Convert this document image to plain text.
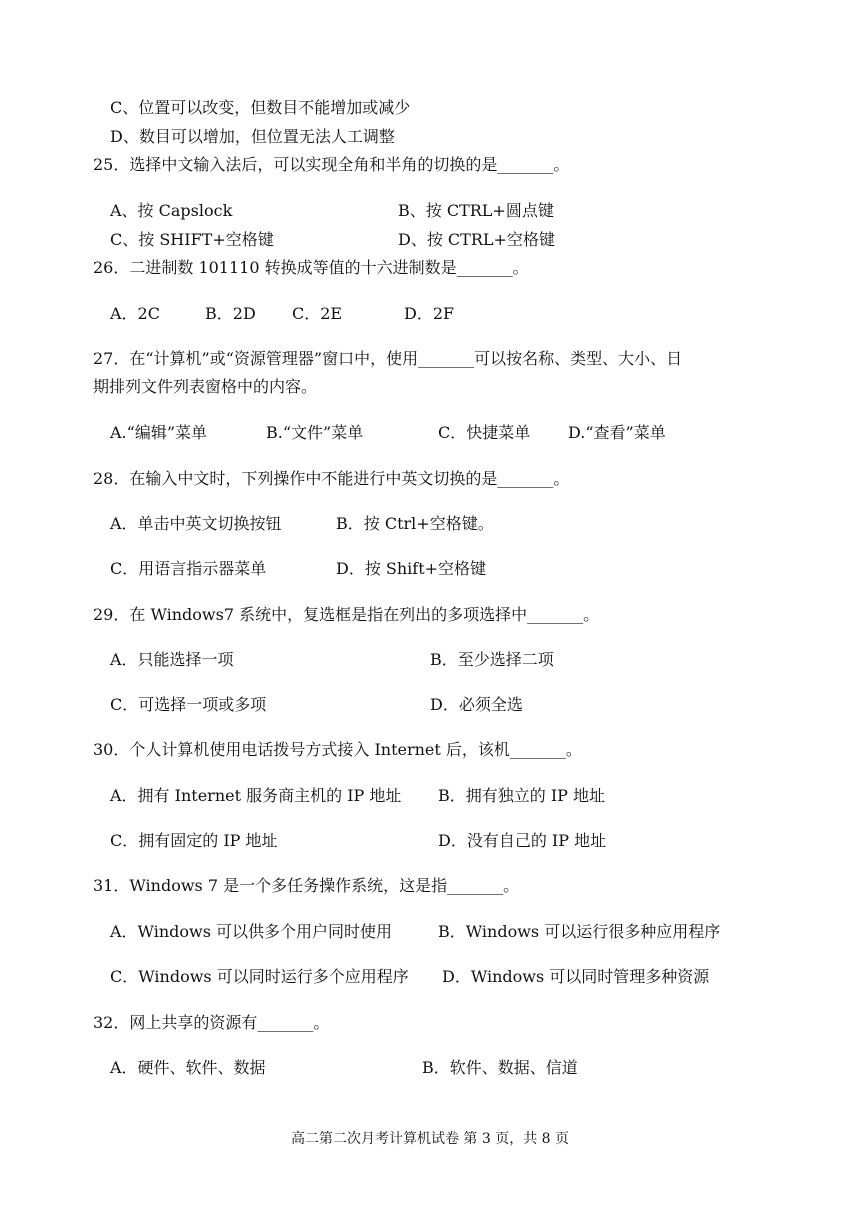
C、位置可以改变，但数目不能增加或减少
D、数目可以增加，但位置无法人工调整
25．选择中文输入法后，可以实现全角和半角的切换的是_______。
A、按 Capslock	B、按 CTRL+圆点键
C、按 SHIFT+空格键	D、按 CTRL+空格键
26．二进制数 101110 转换成等值的十六进制数是_______。
A．2C	B．2D C．2E	D．2F
27．在“计算机”或“资源管理器”窗口中，使用_______可以按名称、类型、大小、日
期排列文件列表窗格中的内容。
A.“编辑”菜单	B.“文件”菜单	C．快捷菜单 D.“查看”菜单
28．在输入中文时，下列操作中不能进行中英文切换的是_______。
A．单击中英文切换按钮	B．按 Ctrl+空格键。
C．用语言指示器菜单	D．按 Shift+空格键
29．在 Windows7 系统中，复选框是指在列出的多项选择中_______。
A．只能选择一项	B．至少选择二项
C．可选择一项或多项	D．必须全选
30．个人计算机使用电话拨号方式接入 Internet 后，该机_______。
A．拥有 Internet 服务商主机的 IP 地址 B．拥有独立的 IP 地址
C．拥有固定的 IP 地址	D．没有自己的 IP 地址
31．Windows 7 是一个多任务操作系统，这是指_______。
A．Windows 可以供多个用户同时使用	B．Windows 可以运行很多种应用程序
C．Windows 可以同时运行多个应用程序 D．Windows 可以同时管理多种资源
32．网上共享的资源有_______。
A．硬件、软件、数据	B．软件、数据、信道
高二第二次月考计算机试卷 第 3 页，共 8 页
